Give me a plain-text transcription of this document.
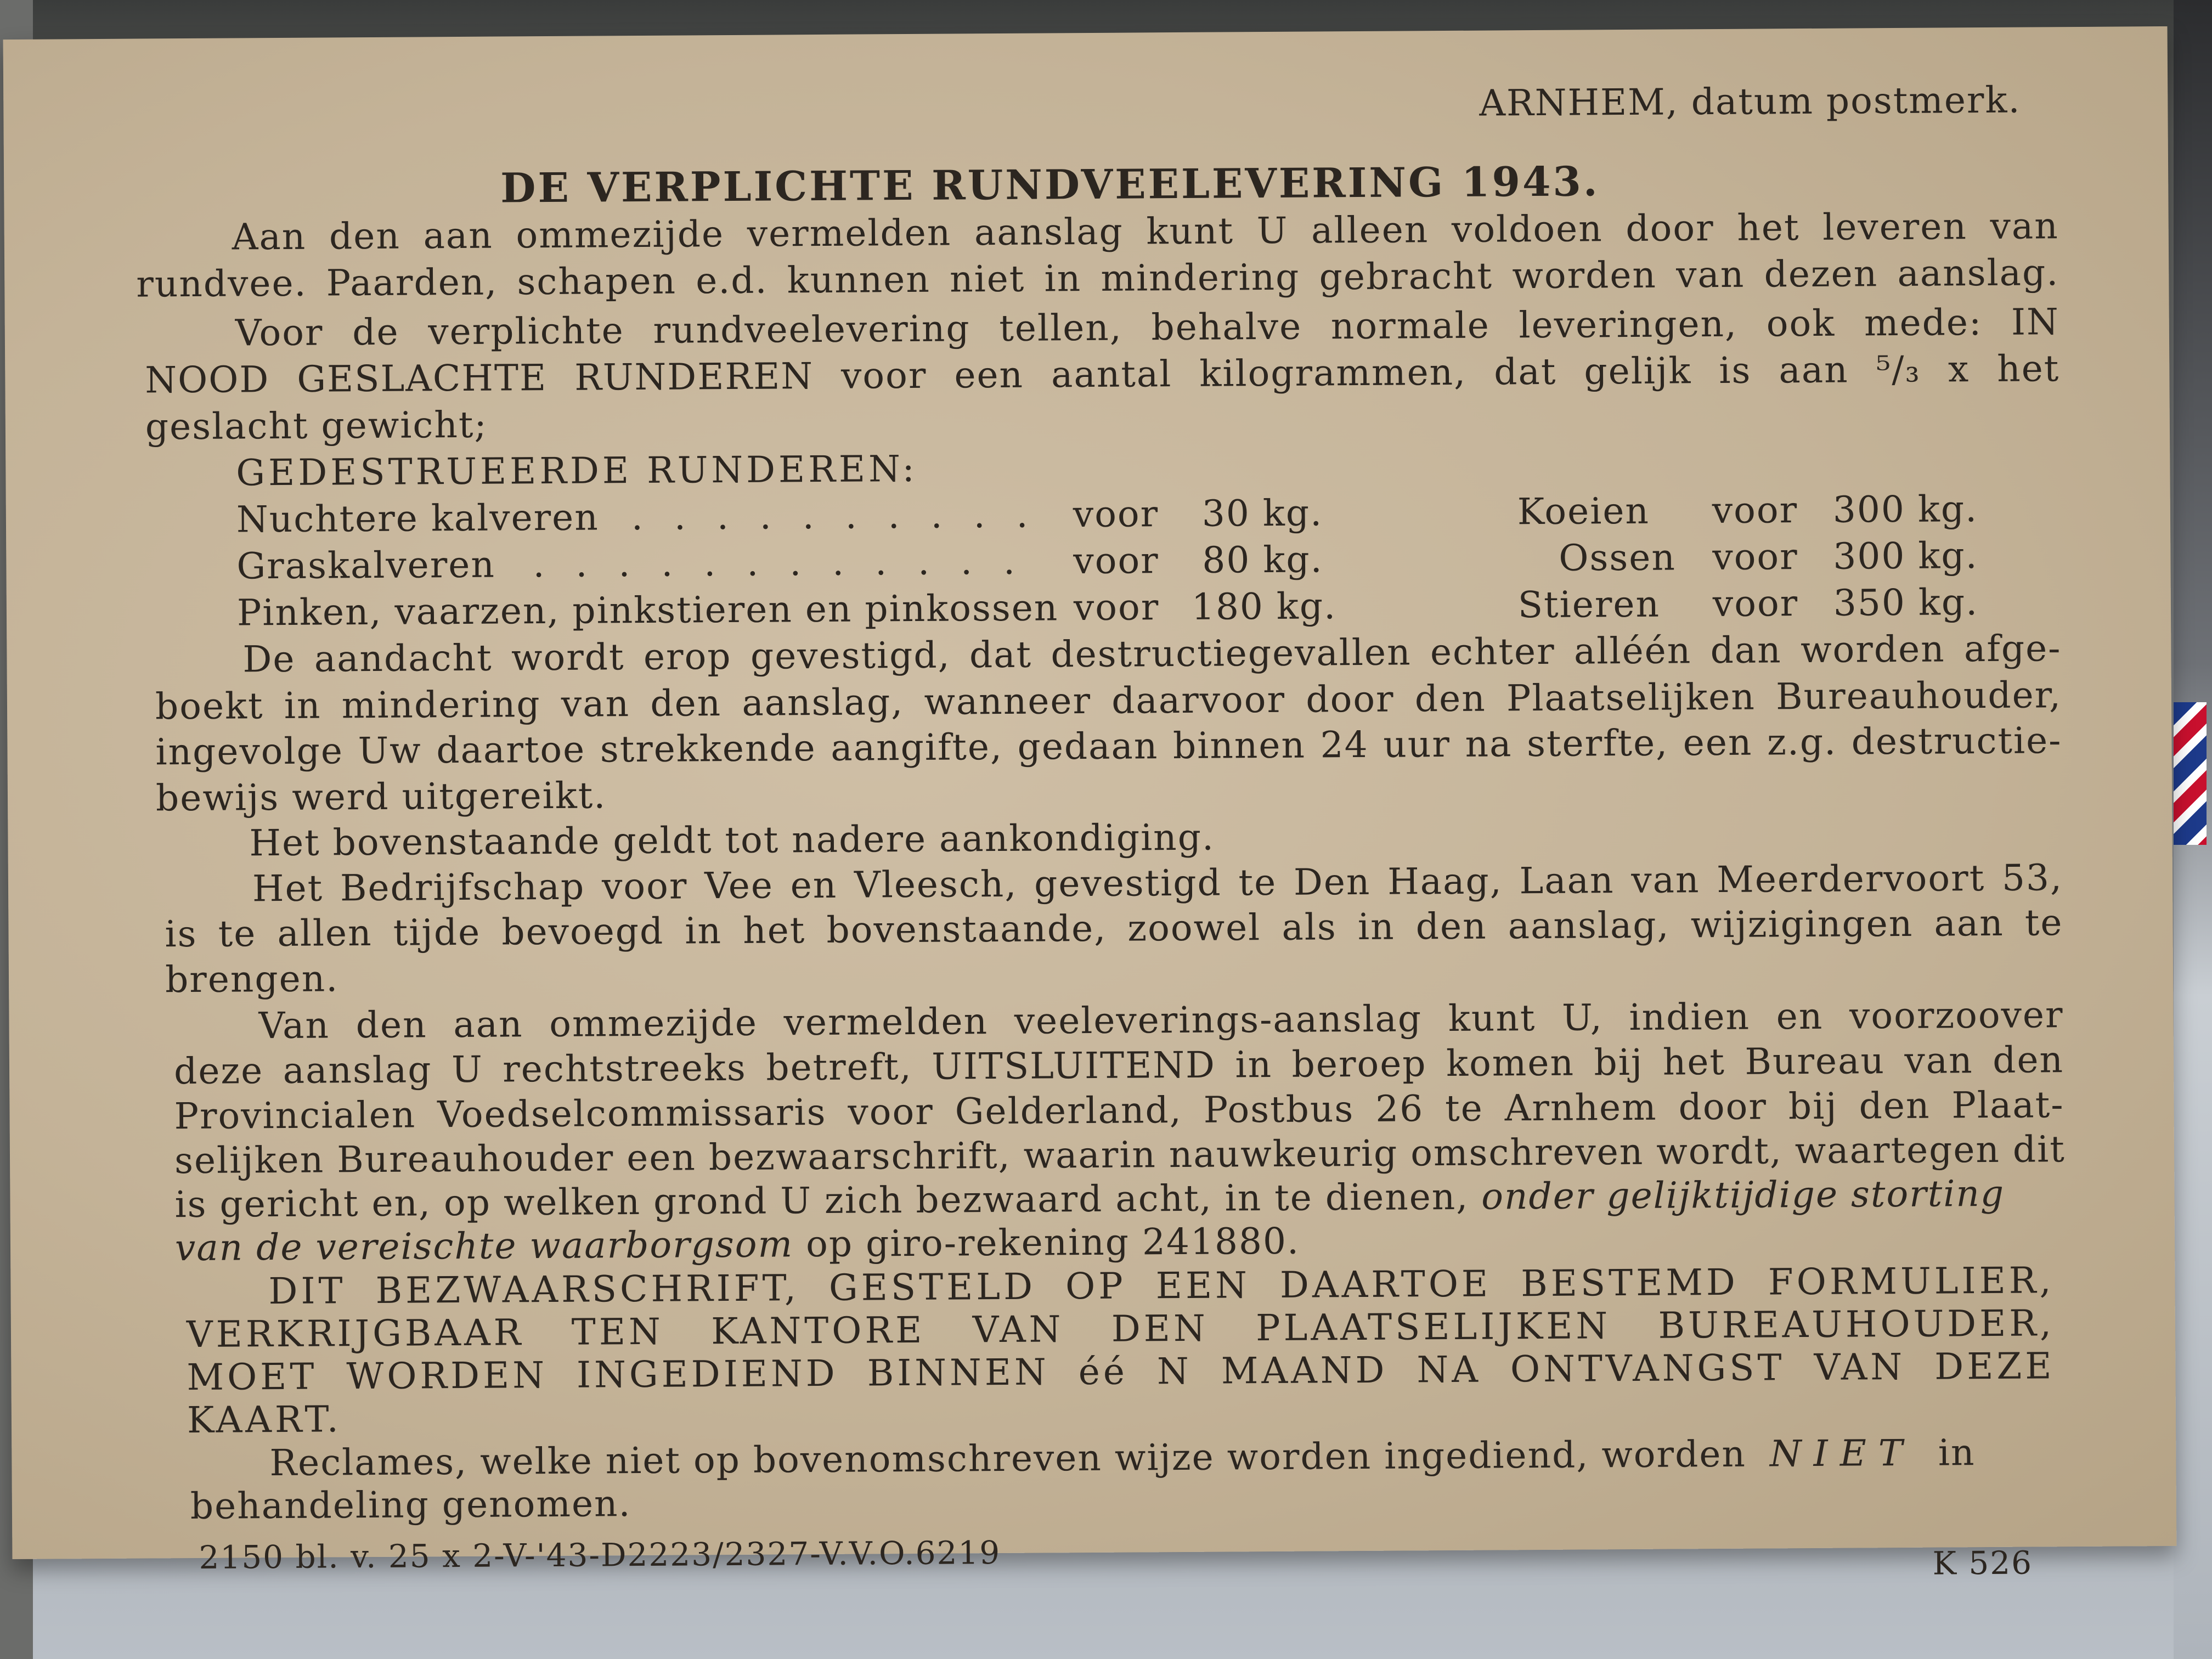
ARNHEM, datum postmerk.
DE VERPLICHTE RUNDVEELEVERING 1943.
Aan den aan ommezijde vermelden aanslag kunt U alleen voldoen door het leveren van
rundvee. Paarden, schapen e.d. kunnen niet in mindering gebracht worden van dezen aanslag.
Voor de verplichte rundveelevering tellen, behalve normale leveringen, ook mede: IN
NOOD GESLACHTE RUNDEREN voor een aantal kilogrammen, dat gelijk is aan ⁵/₃ x het
geslacht gewicht;
GEDESTRUEERDE RUNDEREN:
Nuchtere kalveren . . . . . . . . . . voor 30 kg.	Koeien voor 300 kg.
Graskalveren . . . . . . . . . . . . voor 80 kg.	Ossen voor 300 kg.
Pinken, vaarzen, pinkstieren en pinkossen voor 180 kg.	Stieren voor 350 kg.
De aandacht wordt erop gevestigd, dat destructiegevallen echter alléén dan worden afge-
boekt in mindering van den aanslag, wanneer daarvoor door den Plaatselijken Bureauhouder,
ingevolge Uw daartoe strekkende aangifte, gedaan binnen 24 uur na sterfte, een z.g. destructie-
bewijs werd uitgereikt.
Het bovenstaande geldt tot nadere aankondiging.
Het Bedrijfschap voor Vee en Vleesch, gevestigd te Den Haag, Laan van Meerdervoort 53,
is te allen tijde bevoegd in het bovenstaande, zoowel als in den aanslag, wijzigingen aan te
brengen.
Van den aan ommezijde vermelden veeleverings-aanslag kunt U, indien en voorzoover
deze aanslag U rechtstreeks betreft, UITSLUITEND in beroep komen bij het Bureau van den
Provincialen Voedselcommissaris voor Gelderland, Postbus 26 te Arnhem door bij den Plaat-
selijken Bureauhouder een bezwaarschrift, waarin nauwkeurig omschreven wordt, waartegen dit
is gericht en, op welken grond U zich bezwaard acht, in te dienen, onder gelijktijdige storting
van de vereischte waarborgsom op giro-rekening 241880.
DIT BEZWAARSCHRIFT, GESTELD OP EEN DAARTOE BESTEMD FORMULIER,
VERKRIJGBAAR TEN KANTORE VAN DEN PLAATSELIJKEN BUREAUHOUDER,
MOET WORDEN INGEDIEND BINNEN éé N MAAND NA ONTVANGST VAN DEZE
KAART.
Reclames, welke niet op bovenomschreven wijze worden ingediend, worden NIET in
behandeling genomen.
2150 bl. v. 25 x 2-V-'43-D2223/2327-V.V.O.6219	K 526
